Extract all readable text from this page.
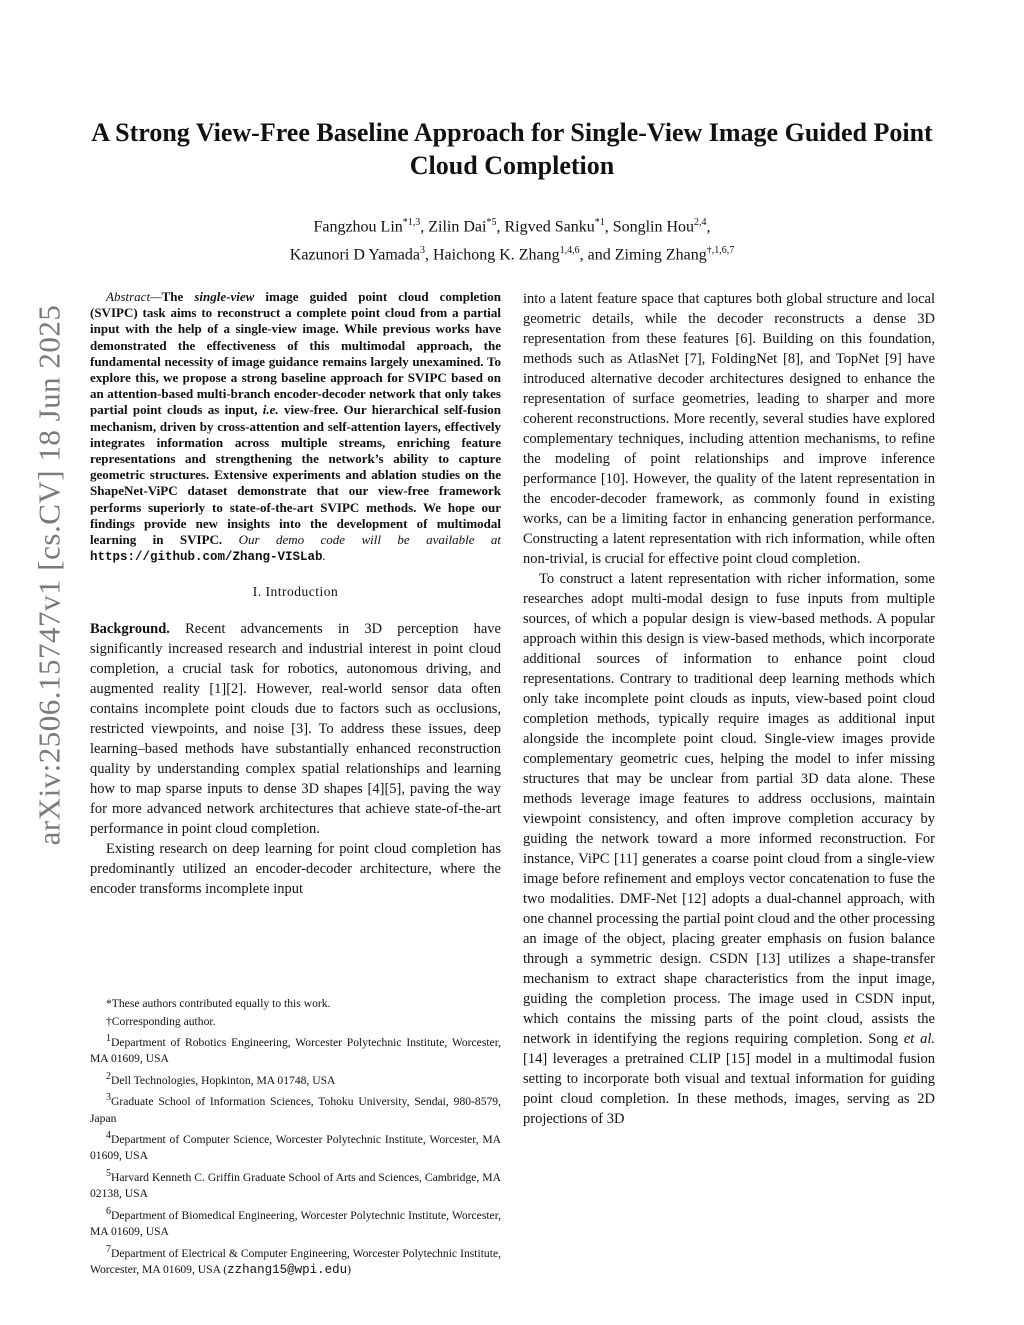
arXiv:2506.15747v1 [cs.CV] 18 Jun 2025
A Strong View-Free Baseline Approach for Single-View Image Guided Point Cloud Completion
Fangzhou Lin$^{*1,3}$, Zilin Dai$^{*5}$, Rigved Sanku$^{*1}$, Songlin Hou$^{2,4}$,
Kazunori D Yamada$^3$, Haichong K. Zhang$^{1,4,6}$, and Ziming Zhang$^{\dagger,1,6,7}$

Abstract—The single-view image guided point cloud completion (SVIPC) task aims to reconstruct a complete point cloud from a partial input with the help of a single-view image. While previous works have demonstrated the effectiveness of this multimodal approach, the fundamental necessity of image guidance remains largely unexamined. To explore this, we propose a strong baseline approach for SVIPC based on an attention-based multi-branch encoder-decoder network that only takes partial point clouds as input, i.e. view-free. Our hierarchical self-fusion mechanism, driven by cross-attention and self-attention layers, effectively integrates information across multiple streams, enriching feature representations and strengthening the network’s ability to capture geometric structures. Extensive experiments and ablation studies on the ShapeNet-ViPC dataset demonstrate that our view-free framework performs superiorly to state-of-the-art SVIPC methods. We hope our findings provide new insights into the development of multimodal learning in SVIPC. Our demo code will be available at https://github.com/Zhang-VISLab.

I. Introduction

Background. Recent advancements in 3D perception have significantly increased research and industrial interest in point cloud completion, a crucial task for robotics, autonomous driving, and augmented reality [1][2]. However, real-world sensor data often contains incomplete point clouds due to factors such as occlusions, restricted viewpoints, and noise [3]. To address these issues, deep learning–based methods have substantially enhanced reconstruction quality by understanding complex spatial relationships and learning how to map sparse inputs to dense 3D shapes [4][5], paving the way for more advanced network architectures that achieve state-of-the-art performance in point cloud completion.

Existing research on deep learning for point cloud completion has predominantly utilized an encoder-decoder architecture, where the encoder transforms incomplete input

*These authors contributed equally to this work.

†Corresponding author.

$^1$Department of Robotics Engineering, Worcester Polytechnic Institute, Worcester, MA 01609, USA

$^2$Dell Technologies, Hopkinton, MA 01748, USA

$^3$Graduate School of Information Sciences, Tohoku University, Sendai, 980-8579, Japan

$^4$Department of Computer Science, Worcester Polytechnic Institute, Worcester, MA 01609, USA

$^5$Harvard Kenneth C. Griffin Graduate School of Arts and Sciences, Cambridge, MA 02138, USA

$^6$Department of Biomedical Engineering, Worcester Polytechnic Institute, Worcester, MA 01609, USA

$^7$Department of Electrical & Computer Engineering, Worcester Polytechnic Institute, Worcester, MA 01609, USA (zzhang15@wpi.edu)

into a latent feature space that captures both global structure and local geometric details, while the decoder reconstructs a dense 3D representation from these features [6]. Building on this foundation, methods such as AtlasNet [7], FoldingNet [8], and TopNet [9] have introduced alternative decoder architectures designed to enhance the representation of surface geometries, leading to sharper and more coherent reconstructions. More recently, several studies have explored complementary techniques, including attention mechanisms, to refine the modeling of point relationships and improve inference performance [10]. However, the quality of the latent representation in the encoder-decoder framework, as commonly found in existing works, can be a limiting factor in enhancing generation performance. Constructing a latent representation with rich information, while often non-trivial, is crucial for effective point cloud completion.

To construct a latent representation with richer information, some researches adopt multi-modal design to fuse inputs from multiple sources, of which a popular design is view-based methods. A popular approach within this design is view-based methods, which incorporate additional sources of information to enhance point cloud representations. Contrary to traditional deep learning methods which only take incomplete point clouds as inputs, view-based point cloud completion methods, typically require images as additional input alongside the incomplete point cloud. Single-view images provide complementary geometric cues, helping the model to infer missing structures that may be unclear from partial 3D data alone. These methods leverage image features to address occlusions, maintain viewpoint consistency, and often improve completion accuracy by guiding the network toward a more informed reconstruction. For instance, ViPC [11] generates a coarse point cloud from a single-view image before refinement and employs vector concatenation to fuse the two modalities. DMF-Net [12] adopts a dual-channel approach, with one channel processing the partial point cloud and the other processing an image of the object, placing greater emphasis on fusion balance through a symmetric design. CSDN [13] utilizes a shape-transfer mechanism to extract shape characteristics from the input image, guiding the completion process. The image used in CSDN input, which contains the missing parts of the point cloud, assists the network in identifying the regions requiring completion. Song et al. [14] leverages a pretrained CLIP [15] model in a multimodal fusion setting to incorporate both visual and textual information for guiding point cloud completion. In these methods, images, serving as 2D projections of 3D
